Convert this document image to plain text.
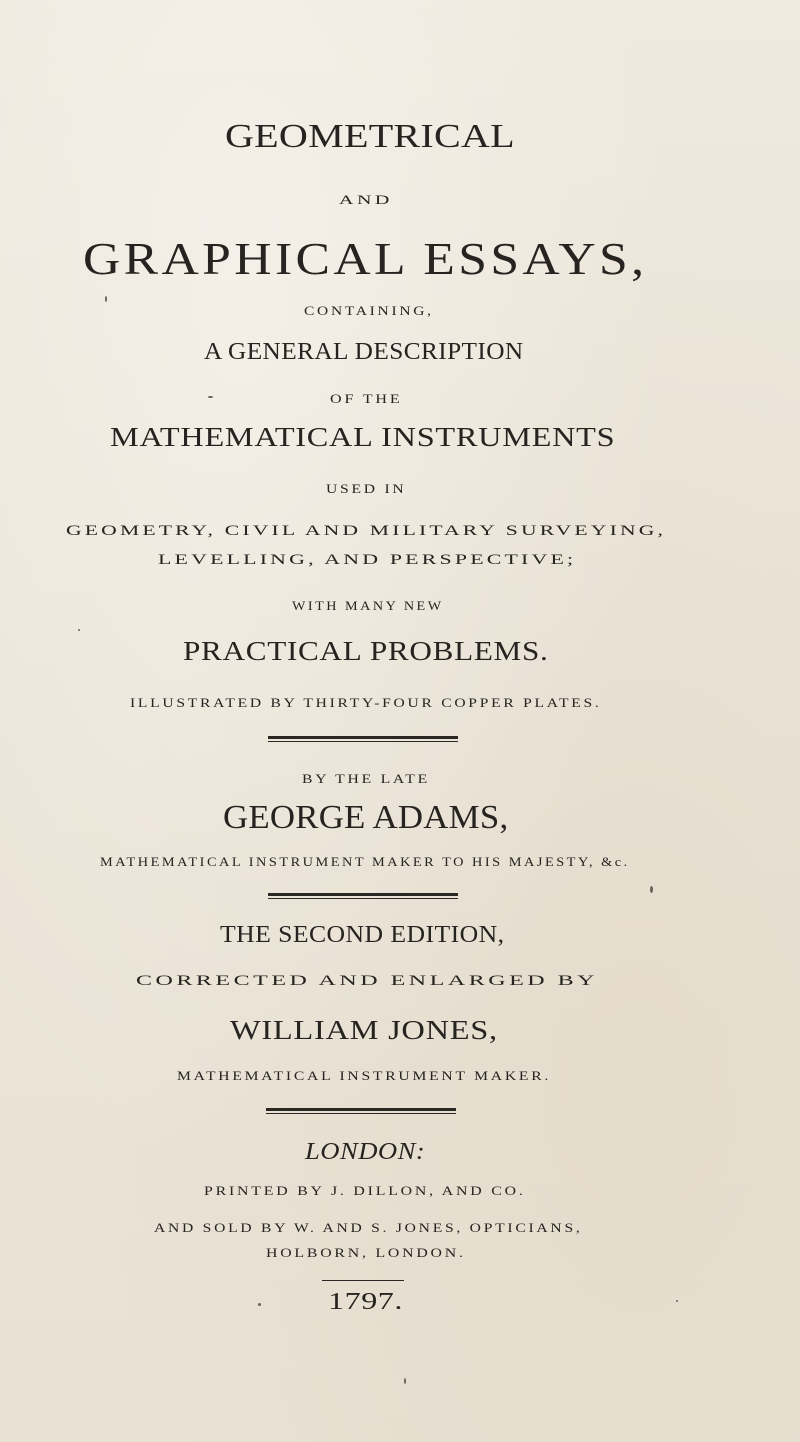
GEOMETRICAL
AND
GRAPHICAL ESSAYS,
CONTAINING,
A GENERAL DESCRIPTION
OF THE
MATHEMATICAL INSTRUMENTS
USED IN
GEOMETRY, CIVIL AND MILITARY SURVEYING,
LEVELLING, AND PERSPECTIVE;
WITH MANY NEW
PRACTICAL PROBLEMS.
ILLUSTRATED BY THIRTY-FOUR COPPER PLATES.
BY THE LATE
GEORGE ADAMS,
MATHEMATICAL INSTRUMENT MAKER TO HIS MAJESTY, &c.
THE SECOND EDITION,
CORRECTED AND ENLARGED BY
WILLIAM JONES,
MATHEMATICAL INSTRUMENT MAKER.
LONDON:
PRINTED BY J. DILLON, AND CO.
AND SOLD BY W. AND S. JONES, OPTICIANS,
HOLBORN, LONDON.
1797.
